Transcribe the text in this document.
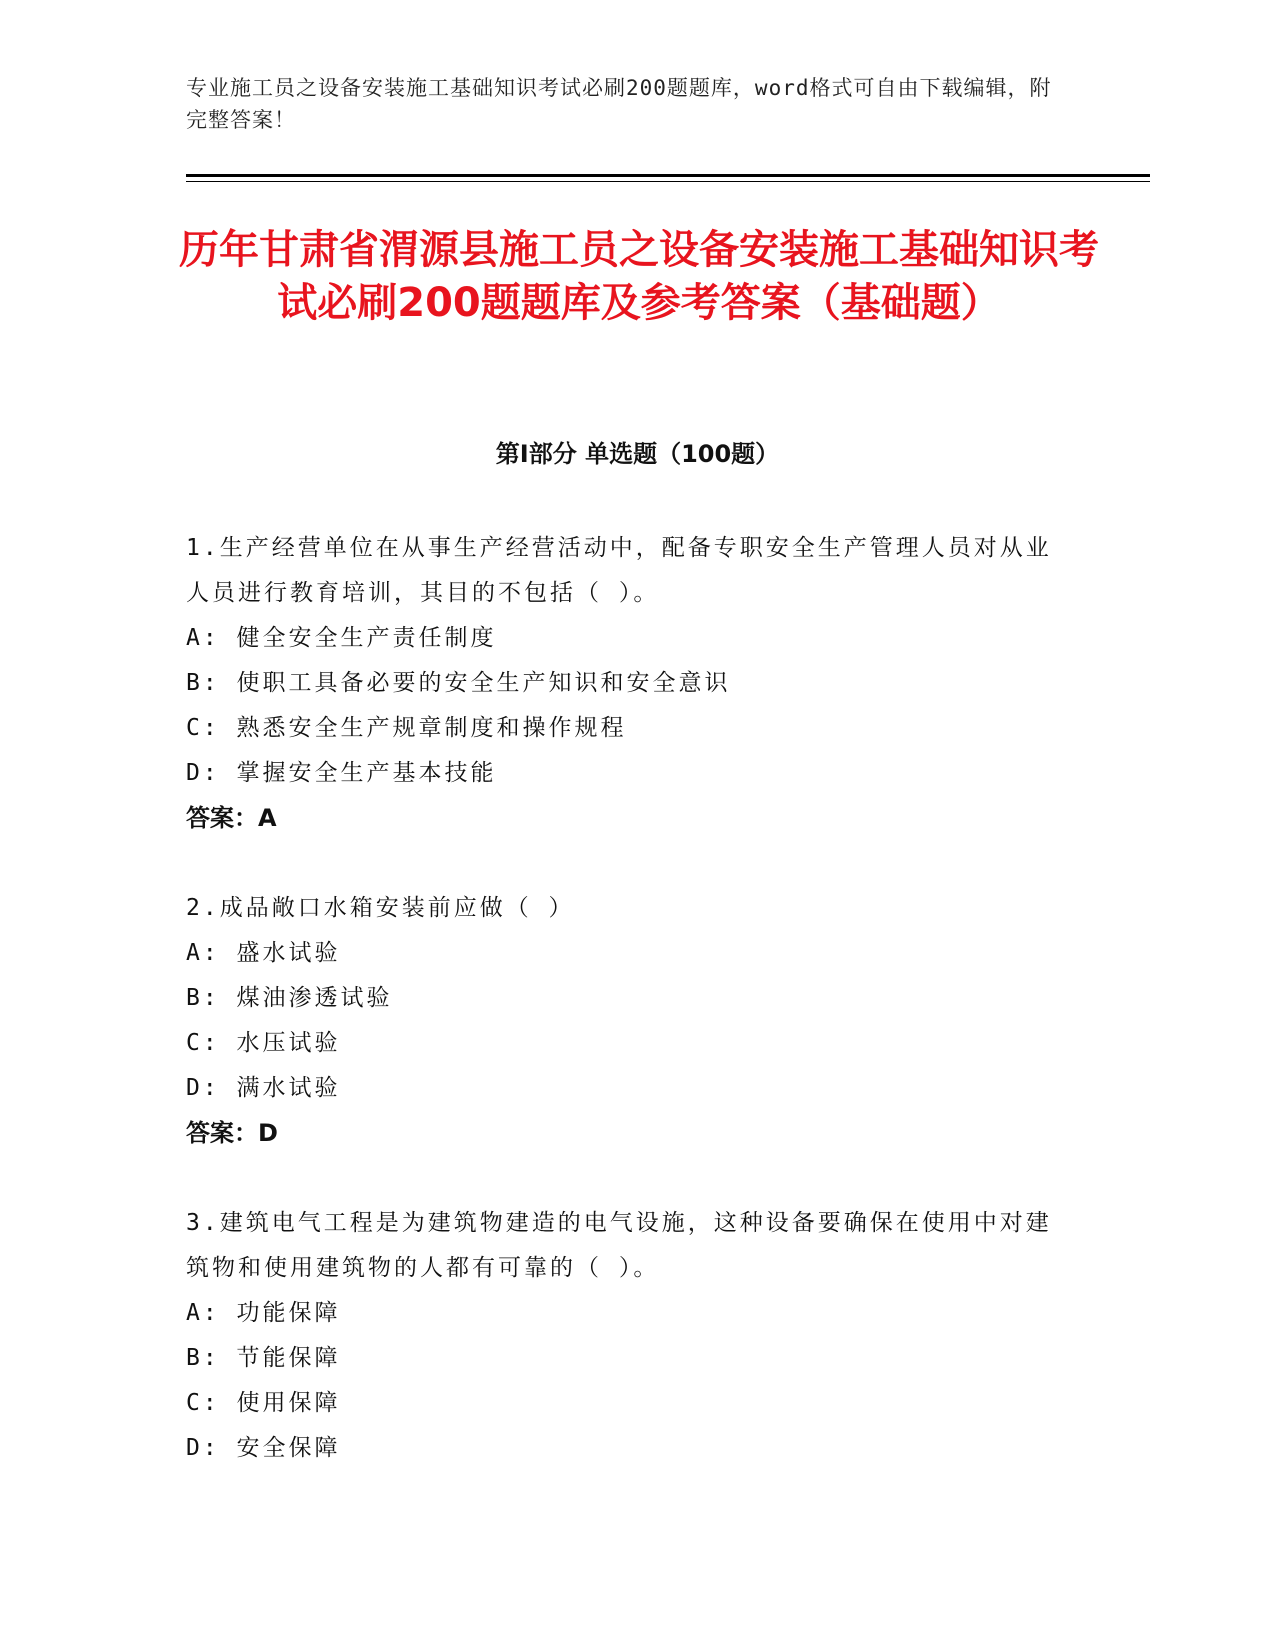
专业施工员之设备安装施工基础知识考试必刷200题题库，word格式可自由下载编辑，附完整答案！
历年甘肃省渭源县施工员之设备安装施工基础知识考试必刷200题题库及参考答案（基础题）
第I部分 单选题（100题）
1.生产经营单位在从事生产经营活动中，配备专职安全生产管理人员对从业人员进行教育培训，其目的不包括（ ）。
A: 健全安全生产责任制度
B: 使职工具备必要的安全生产知识和安全意识
C: 熟悉安全生产规章制度和操作规程
D: 掌握安全生产基本技能
答案：A
2.成品敞口水箱安装前应做（ ）
A: 盛水试验
B: 煤油渗透试验
C: 水压试验
D: 满水试验
答案：D
3.建筑电气工程是为建筑物建造的电气设施，这种设备要确保在使用中对建筑物和使用建筑物的人都有可靠的（ ）。
A: 功能保障
B: 节能保障
C: 使用保障
D: 安全保障
